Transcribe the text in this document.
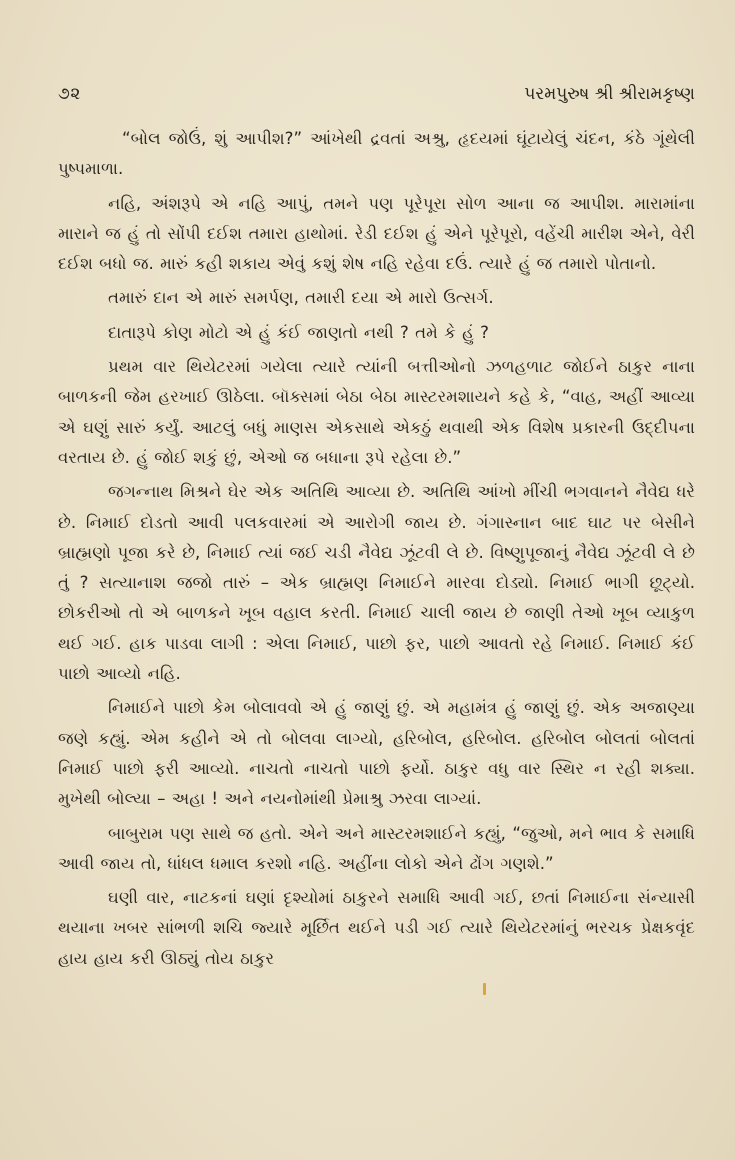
૭૨	પરમપુરુષ શ્રી શ્રીરામકૃષ્ણ

“બોલ જોઉં, શું આપીશ?” આંખેથી દ્રવતાં અશ્રુ, હૃદયમાં ઘૂંટાયેલું ચંદન, કંઠે ગૂંથેલી પુષ્પમાળા.

નહિ, અંશરૂપે એ નહિ આપું, તમને પણ પૂરેપૂરા સોળ આના જ આપીશ. મારામાંના મારાને જ હું તો સોંપી દઈશ તમારા હાથોમાં. રેડી દઈશ હું એને પૂરેપૂરો, વહેંચી મારીશ એને, વેરી દઈશ બધો જ. મારું કહી શકાય એવું કશું શેષ નહિ રહેવા દઉં. ત્યારે હું જ તમારો પોતાનો.

તમારું દાન એ મારું સમર્પણ, તમારી દયા એ મારો ઉત્સર્ગ.

દાતારૂપે કોણ મોટો એ હું કંઈ જાણતો નથી ? તમે કે હું ?

પ્રથમ વાર થિયેટરમાં ગયેલા ત્યારે ત્યાંની બત્તીઓનો ઝળહળાટ જોઈને ઠાકુર નાના બાળકની જેમ હરખાઈ ઊઠેલા. બૉક્સમાં બેઠા બેઠા માસ્ટરમશાયને કહે કે, “વાહ, અહીં આવ્યા એ ઘણું સારું કર્યું. આટલું બધું માણસ એકસાથે એકઠું થવાથી એક વિશેષ પ્રકારની ઉદ્દીપના વરતાય છે. હું જોઈ શકું છું, એઓ જ બધાના રૂપે રહેલા છે.”

જગન્નાથ મિશ્રને ઘેર એક અતિથિ આવ્યા છે. અતિથિ આંખો મીંચી ભગવાનને નૈવેદ્ય ધરે છે. નિમાઈ દોડતો આવી પલકવારમાં એ આરોગી જાય છે. ગંગાસ્નાન બાદ ઘાટ પર બેસીને બ્રાહ્મણો પૂજા કરે છે, નિમાઈ ત્યાં જઈ ચડી નૈવેદ્ય ઝૂંટવી લે છે. વિષ્ણુપૂજાનું નૈવેદ્ય ઝૂંટવી લે છે તું ? સત્યાનાશ જજો તારું – એક બ્રાહ્મણ નિમાઈને મારવા દોડ્યો. નિમાઈ ભાગી છૂટ્યો. છોકરીઓ તો એ બાળકને ખૂબ વહાલ કરતી. નિમાઈ ચાલી જાય છે જાણી તેઓ ખૂબ વ્યાકુળ થઈ ગઈ. હાક પાડવા લાગી : એલા નિમાઈ, પાછો ફર, પાછો આવતો રહે નિમાઈ. નિમાઈ કંઈ પાછો આવ્યો નહિ.

નિમાઈને પાછો કેમ બોલાવવો એ હું જાણું છું. એ મહામંત્ર હું જાણું છું. એક અજાણ્યા જણે કહ્યું. એમ કહીને એ તો બોલવા લાગ્યો, હરિબોલ, હરિબોલ. હરિબોલ બોલતાં બોલતાં નિમાઈ પાછો ફરી આવ્યો. નાચતો નાચતો પાછો ફર્યો. ઠાકુર વધુ વાર સ્થિર ન રહી શક્યા. મુખેથી બોલ્યા – અહા ! અને નયનોમાંથી પ્રેમાશ્રુ ઝરવા લાગ્યાં.

બાબુરામ પણ સાથે જ હતો. એને અને માસ્ટરમશાઈને કહ્યું, “જુઓ, મને ભાવ કે સમાધિ આવી જાય તો, ધાંધલ ધમાલ કરશો નહિ. અહીંના લોકો એને ઢોંગ ગણશે.”

ઘણી વાર, નાટકનાં ઘણાં દૃશ્યોમાં ઠાકુરને સમાધિ આવી ગઈ, છતાં નિમાઈના સંન્યાસી થયાના ખબર સાંભળી શચિ જ્યારે મૂર્છિત થઈને પડી ગઈ ત્યારે થિયેટરમાંનું ભરચક પ્રેક્ષકવૃંદ હાય હાય કરી ઊઠ્યું તોય ઠાકુર
